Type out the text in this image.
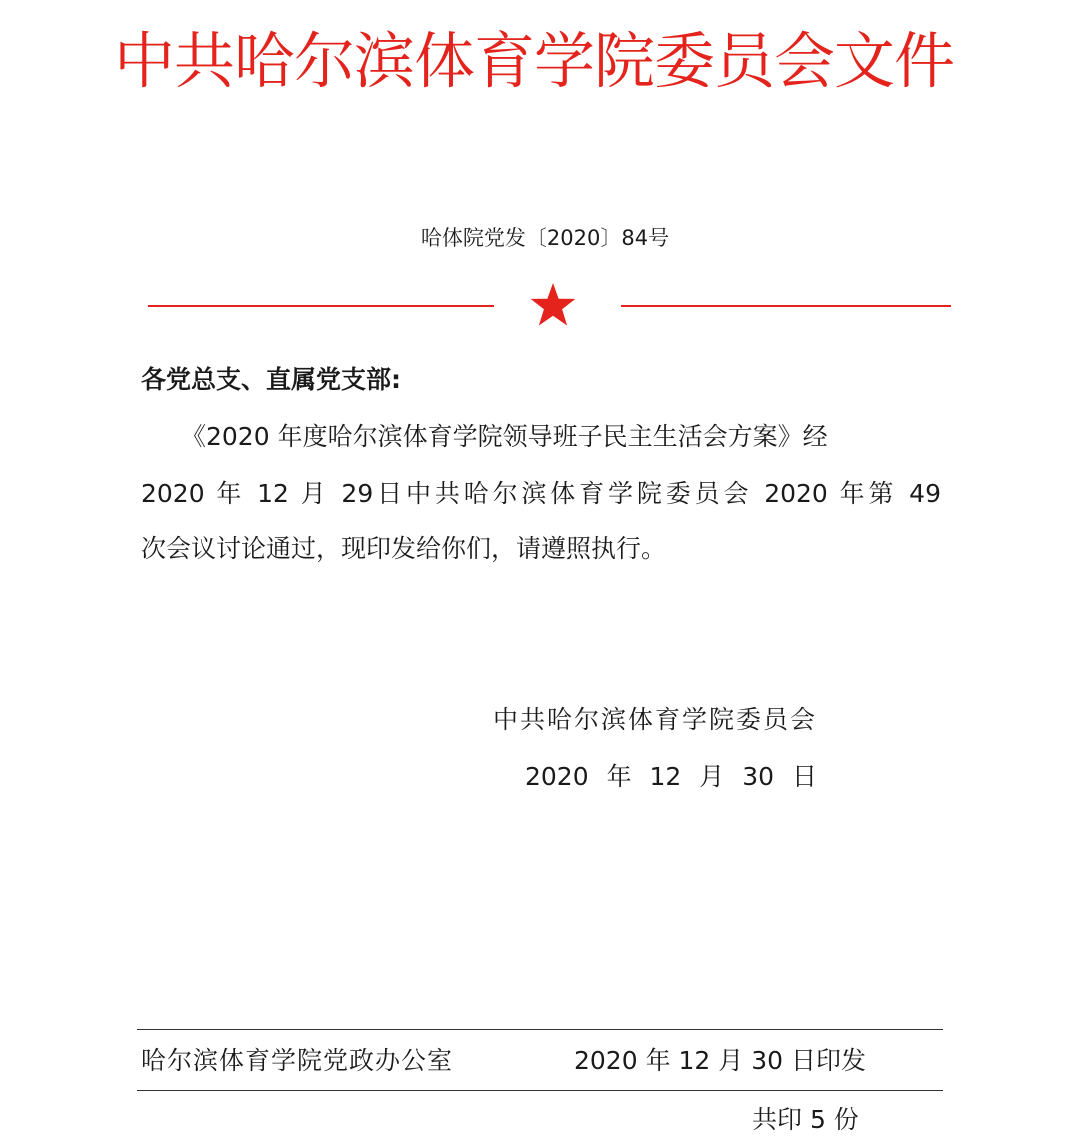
中共哈尔滨体育学院委员会文件
哈体院党发〔2020〕84号
各党总支、直属党支部:
《2020 年度哈尔滨体育学院领导班子民主生活会方案》经
2020 年 12 月 29日中共哈尔滨体育学院委员会 2020 年第 49
次会议讨论通过，现印发给你们，请遵照执行。
中共哈尔滨体育学院委员会
2020 年 12 月 30 日
哈尔滨体育学院党政办公室	2020 年 12 月 30 日印发
共印 5 份
